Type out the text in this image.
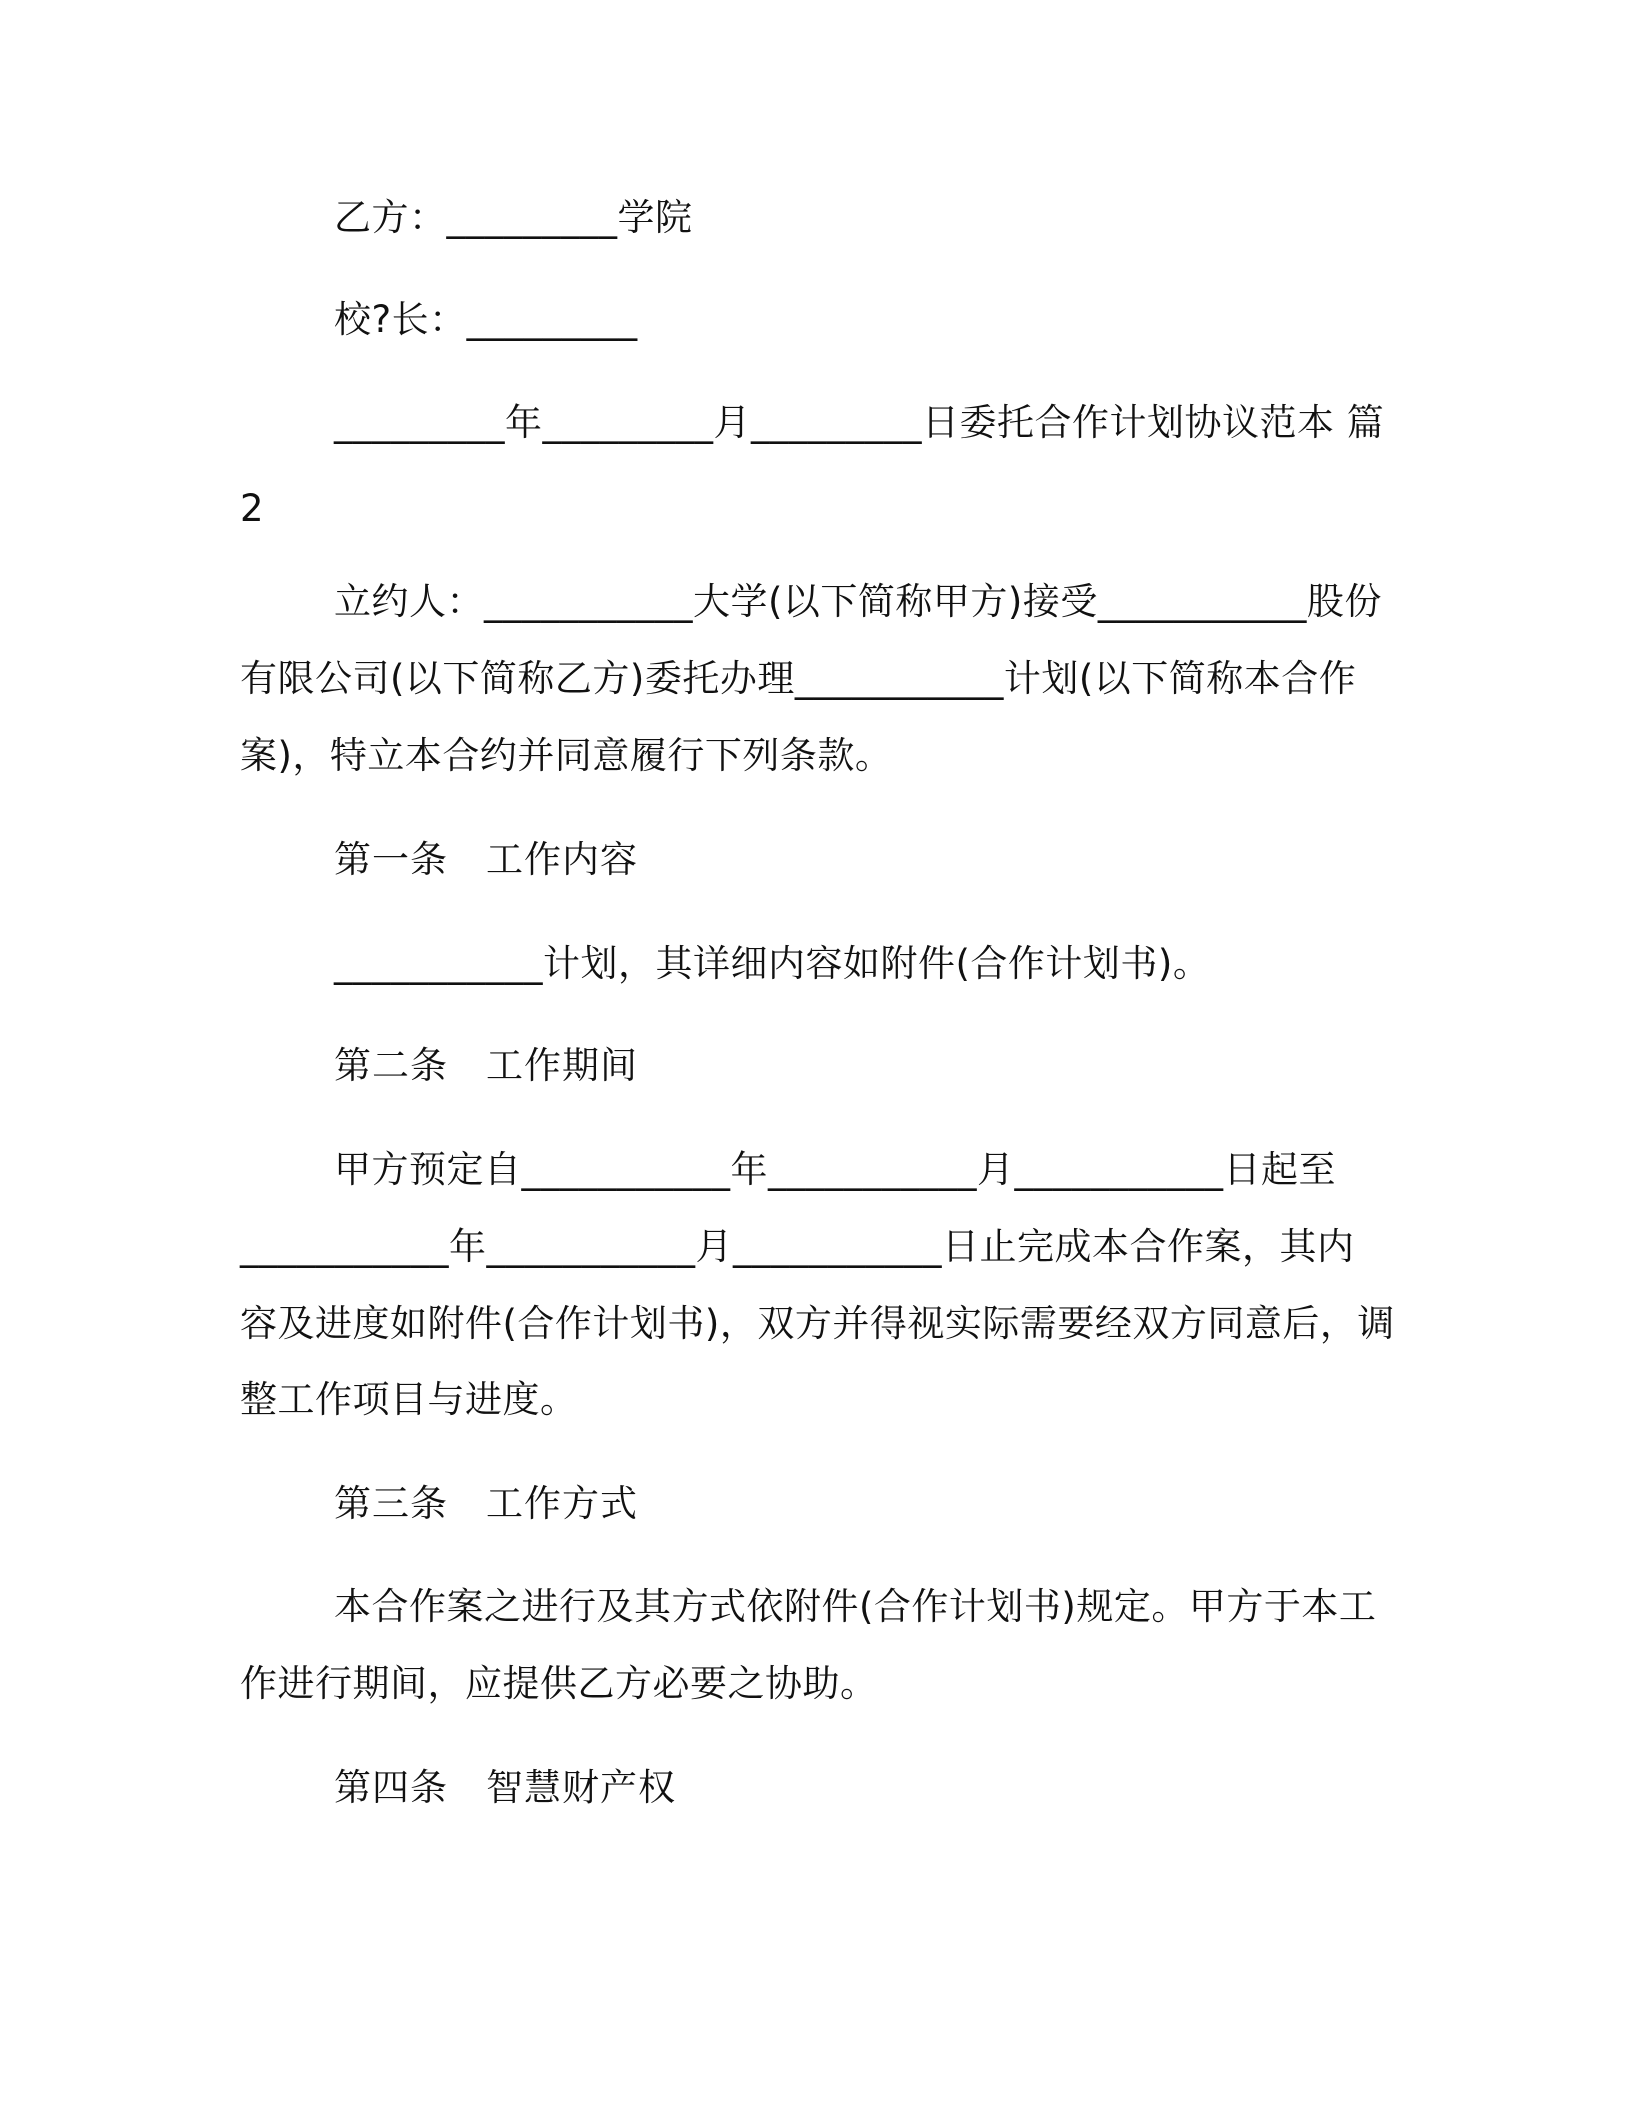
乙方：_________学院
校?长：_________
_________年_________月_________日委托合作计划协议范本 篇
2
立约人：___________大学(以下简称甲方)接受___________股份
有限公司(以下简称乙方)委托办理___________计划(以下简称本合作
案)，特立本合约并同意履行下列条款。
第一条　工作内容
___________计划，其详细内容如附件(合作计划书)。
第二条　工作期间
甲方预定自___________年___________月___________日起至
___________年___________月___________日止完成本合作案，其内
容及进度如附件(合作计划书)，双方并得视实际需要经双方同意后，调
整工作项目与进度。
第三条　工作方式
本合作案之进行及其方式依附件(合作计划书)规定。甲方于本工
作进行期间，应提供乙方必要之协助。
第四条　智慧财产权
